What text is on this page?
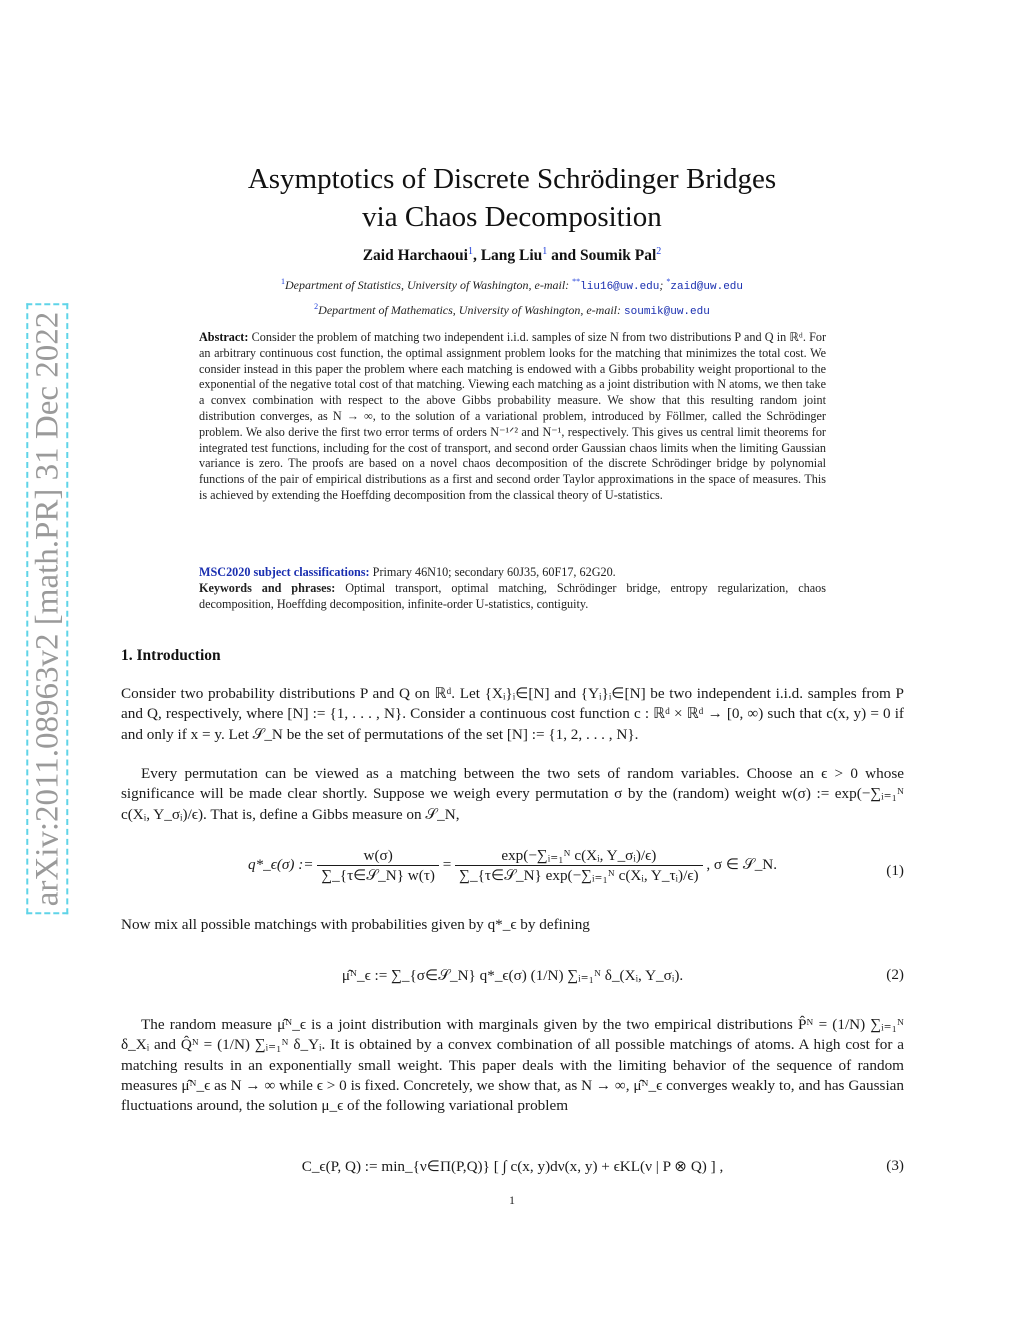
arXiv:2011.08963v2 [math.PR] 31 Dec 2022
Asymptotics of Discrete Schrödinger Bridges
via Chaos Decomposition
Zaid Harchaoui$^1$, Lang Liu$^1$ and Soumik Pal$^2$
$^1$Department of Statistics, University of Washington, e-mail: **liu16@uw.edu; *zaid@uw.edu
$^2$Department of Mathematics, University of Washington, e-mail: soumik@uw.edu
Abstract: Consider the problem of matching two independent i.i.d. samples of size N from two distributions P and Q in ℝᵈ. For an arbitrary continuous cost function, the optimal assignment problem looks for the matching that minimizes the total cost. We consider instead in this paper the problem where each matching is endowed with a Gibbs probability weight proportional to the exponential of the negative total cost of that matching. Viewing each matching as a joint distribution with N atoms, we then take a convex combination with respect to the above Gibbs probability measure. We show that this resulting random joint distribution converges, as N → ∞, to the solution of a variational problem, introduced by Föllmer, called the Schrödinger problem. We also derive the first two error terms of orders N⁻¹ᐟ² and N⁻¹, respectively. This gives us central limit theorems for integrated test functions, including for the cost of transport, and second order Gaussian chaos limits when the limiting Gaussian variance is zero. The proofs are based on a novel chaos decomposition of the discrete Schrödinger bridge by polynomial functions of the pair of empirical distributions as a first and second order Taylor approximations in the space of measures. This is achieved by extending the Hoeffding decomposition from the classical theory of U-statistics.
MSC2020 subject classifications: Primary 46N10; secondary 60J35, 60F17, 62G20.
Keywords and phrases: Optimal transport, optimal matching, Schrödinger bridge, entropy regularization, chaos decomposition, Hoeffding decomposition, infinite-order U-statistics, contiguity.
1. Introduction
Consider two probability distributions P and Q on ℝᵈ. Let {Xᵢ}ᵢ∈[N] and {Yᵢ}ᵢ∈[N] be two independent i.i.d. samples from P and Q, respectively, where [N] := {1, . . . , N}. Consider a continuous cost function c : ℝᵈ × ℝᵈ → [0, ∞) such that c(x, y) = 0 if and only if x = y. Let 𝒮_N be the set of permutations of the set [N] := {1, 2, . . . , N}.
Every permutation can be viewed as a matching between the two sets of random variables. Choose an ϵ > 0 whose significance will be made clear shortly. Suppose we weigh every permutation σ by the (random) weight w(σ) := exp(−∑ᵢ₌₁ᴺ c(Xᵢ, Y_σᵢ)/ϵ). That is, define a Gibbs measure on 𝒮_N,
q*_ϵ(σ) := $\frac{w(\sigma)}{\text{∑\_\{τ∈𝒮\_N\} w(τ)}} = \frac{\text{exp(−∑ᵢ₌₁ᴺ c(Xᵢ, Y\_σᵢ)/ϵ)}}{\text{∑\_\{τ∈𝒮\_N\} exp(−∑ᵢ₌₁ᴺ c(Xᵢ, Y\_τᵢ)/ϵ)}}$ , σ ∈ 𝒮_N.	(1)
Now mix all possible matchings with probabilities given by q*_ϵ by defining
μ̂ᴺ_ϵ := ∑_{σ∈𝒮_N} q*_ϵ(σ) (1/N) ∑ᵢ₌₁ᴺ δ_(Xᵢ, Y_σᵢ).	(2)
The random measure μ̂ᴺ_ϵ is a joint distribution with marginals given by the two empirical distributions P̂ᴺ = (1/N) ∑ᵢ₌₁ᴺ δ_Xᵢ and Q̂ᴺ = (1/N) ∑ᵢ₌₁ᴺ δ_Yᵢ. It is obtained by a convex combination of all possible matchings of atoms. A high cost for a matching results in an exponentially small weight. This paper deals with the limiting behavior of the sequence of random measures μ̂ᴺ_ϵ as N → ∞ while ϵ > 0 is fixed. Concretely, we show that, as N → ∞, μ̂ᴺ_ϵ converges weakly to, and has Gaussian fluctuations around, the solution μ_ϵ of the following variational problem
C_ϵ(P, Q) := min_{ν∈Π(P,Q)} [ ∫ c(x, y)dν(x, y) + ϵKL(ν | P ⊗ Q) ] ,	(3)
1
